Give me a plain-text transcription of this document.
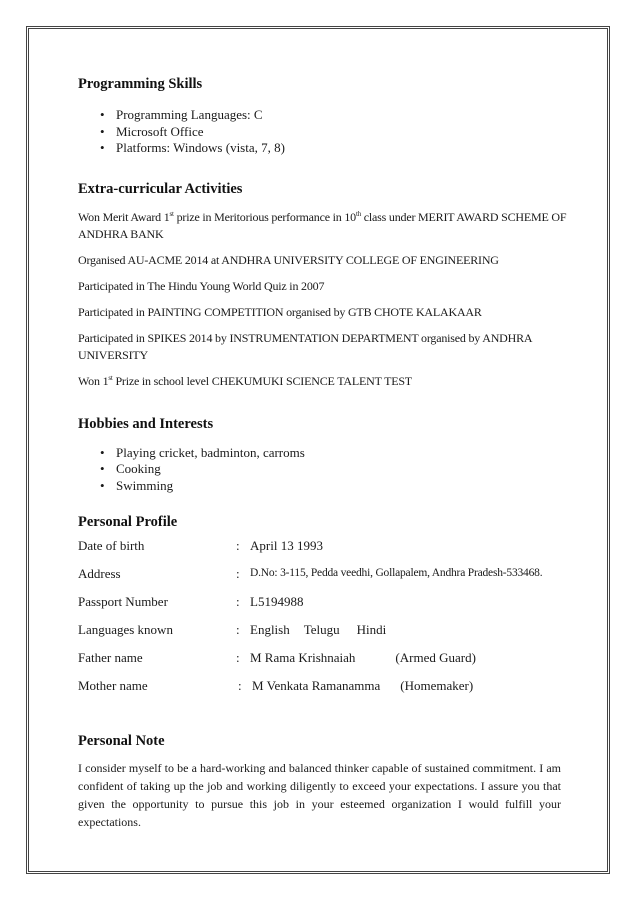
Programming Skills
• Programming Languages: C
• Microsoft Office
• Platforms: Windows (vista, 7, 8)
Extra-curricular Activities

Won Merit Award 1st prize in Meritorious performance in 10th class under MERIT AWARD SCHEME OF ANDHRA BANK

Organised AU-ACME 2014 at ANDHRA UNIVERSITY COLLEGE OF ENGINEERING

Participated in The Hindu Young World Quiz in 2007

Participated in PAINTING COMPETITION organised by GTB CHOTE KALAKAAR

Participated in SPIKES 2014 by INSTRUMENTATION DEPARTMENT organised by ANDHRA UNIVERSITY

Won 1st Prize in school level CHEKUMUKI SCIENCE TALENT TEST

Hobbies and Interests
• Playing cricket, badminton, carroms
• Cooking
• Swimming
Personal Profile
Date of birth	: April 13 1993
Address	: D.No: 3-115, Pedda veedhi, Gollapalem, Andhra Pradesh-533468.
Passport Number	: L5194988
Languages known	: English Telugu Hindi
Father name	: M Rama Krishnaiah	(Armed Guard)
Mother name	: M Venkata Ramanamma (Homemaker)
Personal Note

I consider myself to be a hard-working and balanced thinker capable of sustained commitment. I am confident of taking up the job and working diligently to exceed your expectations. I assure you that given the opportunity to pursue this job in your esteemed organization I would fulfill your expectations.
